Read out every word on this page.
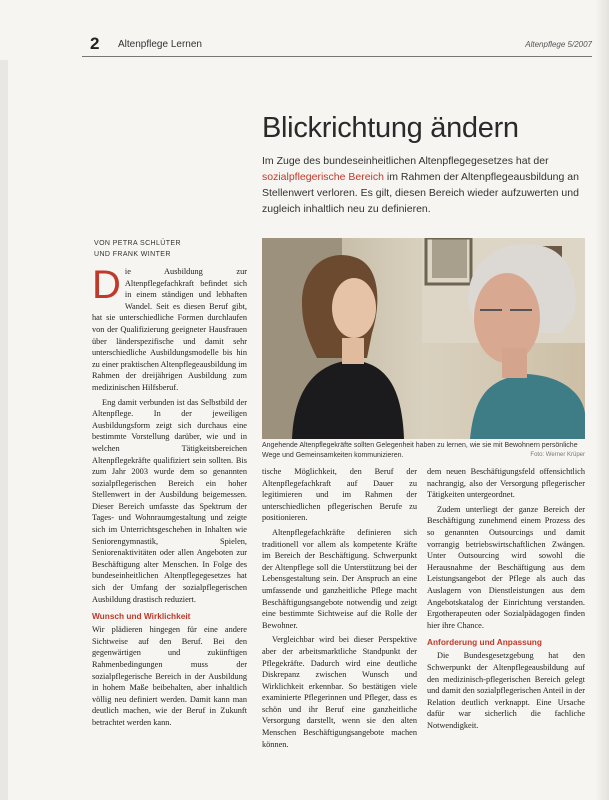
2 Altenpflege Lernen	Altenpflege 5/2007
Blickrichtung ändern
Im Zuge des bundeseinheitlichen Altenpflegegesetzes hat der sozialpflegerische Bereich im Rahmen der Altenpflegeausbildung an Stellenwert verloren. Es gilt, diesen Bereich wieder aufzuwerten und zugleich inhaltlich neu zu definieren.
VON PETRA SCHLÜTER
UND FRANK WINTER

Die Ausbildung zur Altenpflegefachkraft befindet sich in einem ständigen und lebhaften Wandel. Seit es diesen Beruf gibt, hat sie unterschiedliche Formen durchlaufen von der Qualifizierung geeigneter Hausfrauen über länderspezifische und damit sehr unterschiedliche Ausbildungsmodelle bis hin zu einer praktischen Altenpflegeausbildung im Rahmen der dreijährigen Ausbildung zum medizinischen Hilfsberuf.

Eng damit verbunden ist das Selbstbild der Altenpflege. In der jeweiligen Ausbildungsform zeigt sich durchaus eine bestimmte Vorstellung darüber, wie und in welchen Tätigkeitsbereichen Altenpflegekräfte qualifiziert sein sollten. Bis zum Jahr 2003 wurde dem so genannten sozialpflegerischen Bereich ein hoher Stellenwert in der Ausbildung beigemessen. Dieser Bereich umfasste das Spektrum der Tages- und Wohnraumgestaltung und zeigte sich im Unterrichtsgeschehen in Inhalten wie Seniorengymnastik, Spielen, Seniorenaktivitäten oder allen Angeboten zur Beschäftigung alter Menschen. In Folge des bundeseinheitlichen Altenpflegegesetzes hat sich der Umfang der sozialpflegerischen Ausbildung drastisch reduziert.

Wunsch und Wirklichkeit

Wir plädieren hingegen für eine andere Sichtweise auf den Beruf. Bei den gegenwärtigen und zukünftigen Rahmenbedingungen muss der sozialpflegerische Bereich in der Ausbildung in hohem Maße beibehalten, aber inhaltlich völlig neu definiert werden. Damit kann man deutlich machen, wie der Beruf in Zukunft betrachtet werden kann.

Angehende Altenpflegekräfte sollten Gelegenheit haben zu lernen, wie sie mit Bewohnern persönliche Wege und Gemeinsamkeiten kommunizieren.	Foto: Werner Krüper

tische Möglichkeit, den Beruf der Altenpflegefachkraft auf Dauer zu legitimieren und im Rahmen der unterschiedlichen pflegerischen Berufe zu positionieren.

Altenpflegefachkräfte definieren sich traditionell vor allem als kompetente Kräfte im Bereich der Beschäftigung. Schwerpunkt der Altenpflege soll die Unterstützung bei der Lebensgestaltung sein. Der Anspruch an eine umfassende und ganzheitliche Pflege macht Beschäftigungsangebote notwendig und zeigt eine bestimmte Sichtweise auf die Rolle der Bewohner.

Vergleichbar wird bei dieser Perspektive aber der arbeitsmarktliche Standpunkt der Pflegekräfte. Dadurch wird eine deutliche Diskrepanz zwischen Wunsch und Wirklichkeit erkennbar. So bestätigen viele examinierte Pflegerinnen und Pfleger, dass es schön und ihr Beruf eine ganzheitliche Versorgung darstellt, wenn sie den alten Menschen Beschäftigungsangebote machen können.

dem neuen Beschäftigungsfeld offensichtlich nachrangig, also der Versorgung pflegerischer Tätigkeiten untergeordnet.

Zudem unterliegt der ganze Bereich der Beschäftigung zunehmend einem Prozess des so genannten Outsourcings und damit vorrangig betriebswirtschaftlichen Zwängen. Unter Outsourcing wird sowohl die Herausnahme der Beschäftigung aus dem Leistungsangebot der Pflege als auch das Auslagern von Dienstleistungen aus dem Angebotskatalog der Einrichtung verstanden. Ergotherapeuten oder Sozialpädagogen finden hier ihre Chance.

Anforderung und Anpassung

Die Bundesgesetzgebung hat den Schwerpunkt der Altenpflegeausbildung auf den medizinisch-pflegerischen Bereich gelegt und damit den sozialpflegerischen Anteil in der Relation deutlich verknappt. Eine Ursache dafür war sicherlich die fachliche Notwendigkeit.
